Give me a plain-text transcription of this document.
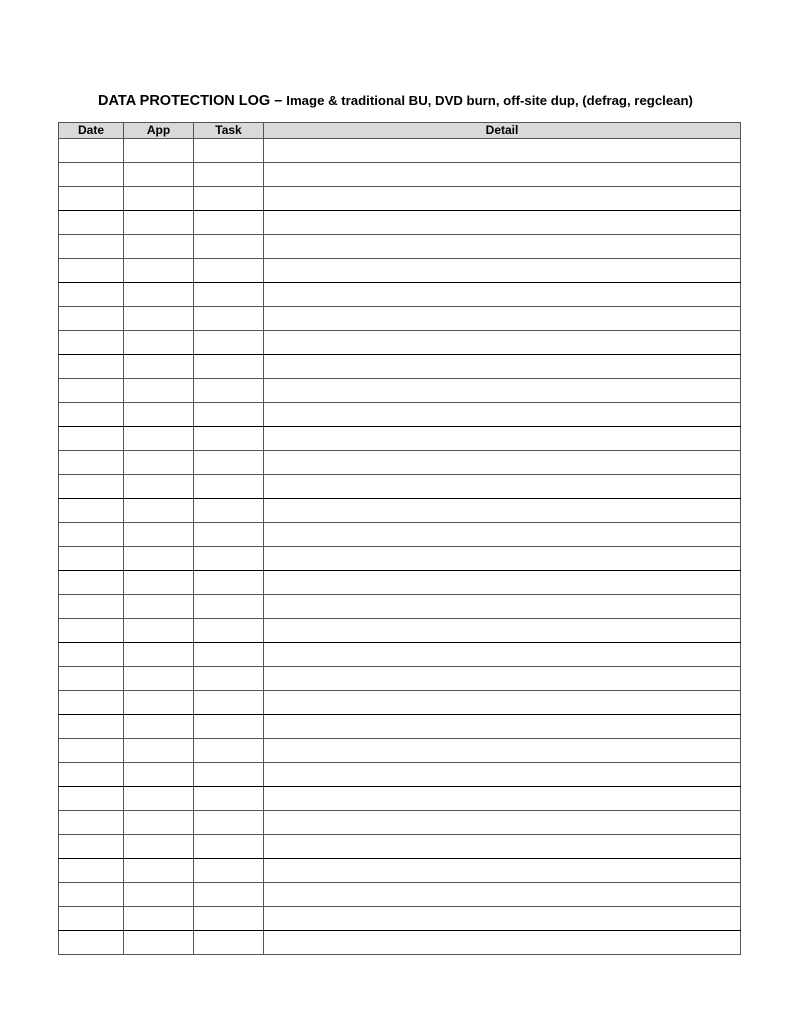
DATA PROTECTION LOG – Image & traditional BU, DVD burn, off-site dup, (defrag, regclean)
Date	App	Task	Detail
